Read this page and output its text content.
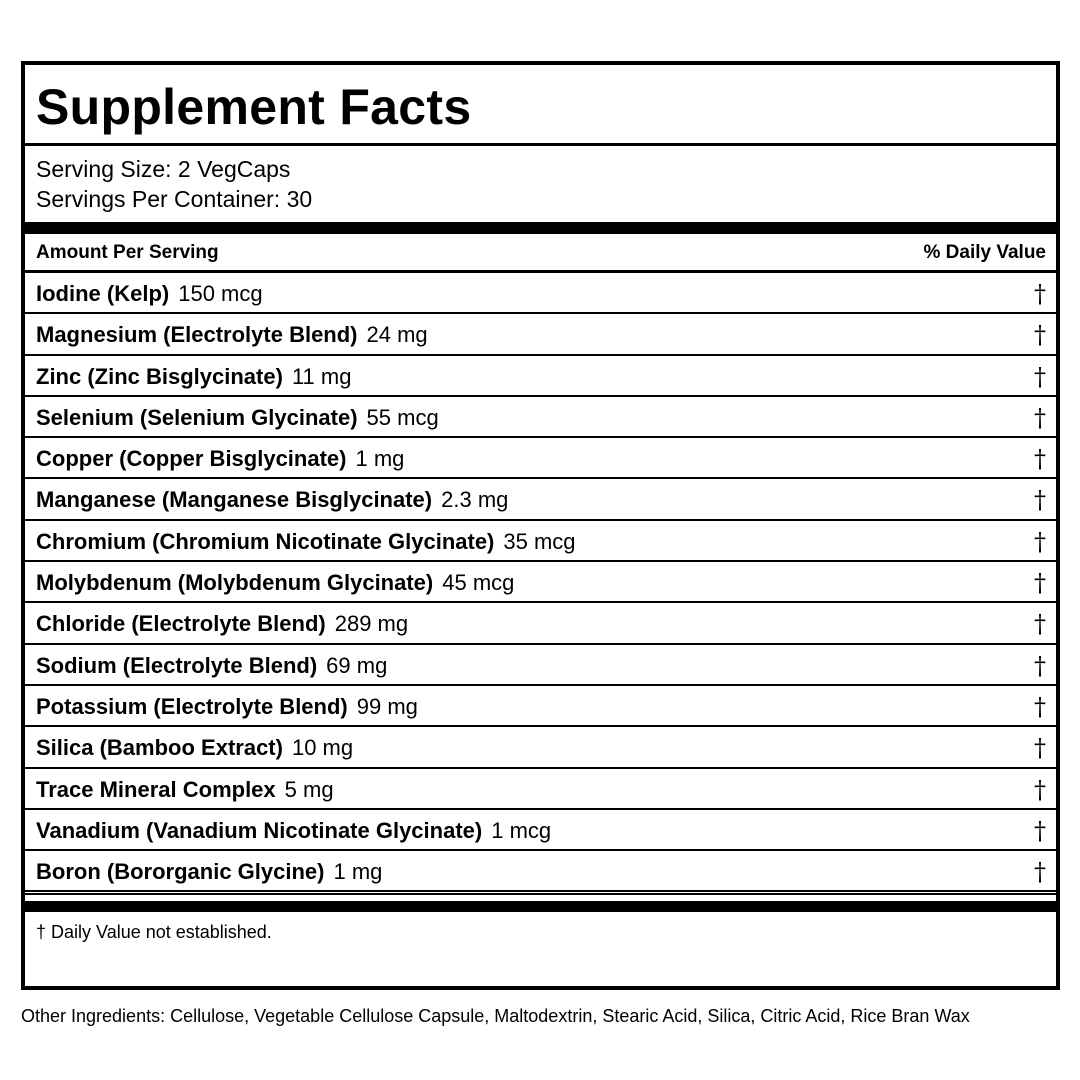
Supplement Facts
Serving Size: 2 VegCaps
Servings Per Container: 30
Amount Per Serving	% Daily Value
Iodine (Kelp) 150 mcg	†
Magnesium (Electrolyte Blend) 24 mg	†
Zinc (Zinc Bisglycinate) 11 mg	†
Selenium (Selenium Glycinate) 55 mcg	†
Copper (Copper Bisglycinate) 1 mg	†
Manganese (Manganese Bisglycinate) 2.3 mg	†
Chromium (Chromium Nicotinate Glycinate) 35 mcg	†
Molybdenum (Molybdenum Glycinate) 45 mcg	†
Chloride (Electrolyte Blend) 289 mg	†
Sodium (Electrolyte Blend) 69 mg	†
Potassium (Electrolyte Blend) 99 mg	†
Silica (Bamboo Extract) 10 mg	†
Trace Mineral Complex 5 mg	†
Vanadium (Vanadium Nicotinate Glycinate) 1 mcg	†
Boron (Bororganic Glycine) 1 mg	†
† Daily Value not established.
Other Ingredients: Cellulose, Vegetable Cellulose Capsule, Maltodextrin, Stearic Acid, Silica, Citric Acid, Rice Bran Wax
